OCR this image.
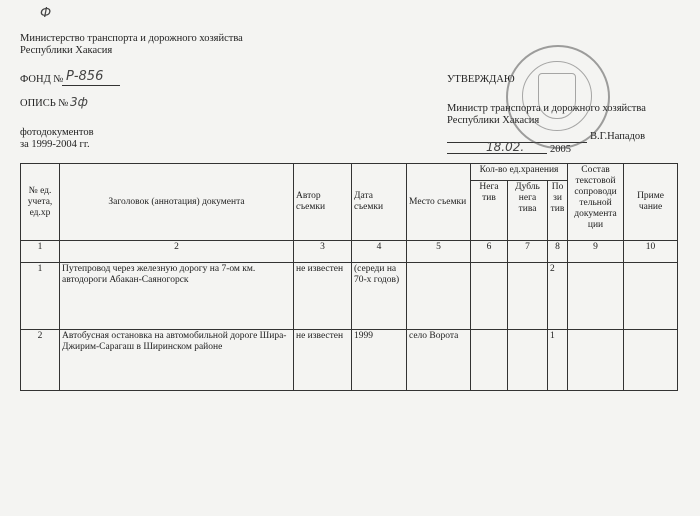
Ф
Министерство транспорта и дорожного хозяйства
Республики Хакасия
ФОНД № Р-856
ОПИСЬ № 3ф
фотодокументов
за 1999-2004 гг.
УТВЕРЖДАЮ
Министр транспорта и дорожного хозяйства
Республики Хакасия
В.Г.Нападов
18.02. 2005
№ ед. учета, ед.хр	Заголовок (аннотация) документа	Автор съемки	Дата съемки	Место съемки	Кол-во ед.хранения			Состав текстовой сопроводи тельной документа ции	Приме чание
					Нега тив	Дубль нега тива	По зи тив		
1	2	3	4	5	6	7	8	9	10
1	Путепровод через железную дорогу на 7-ом км. автодороги Абакан-Саяногорск	не известен	(середи на 70-х годов)				2		
2	Автобусная остановка на автомобильной дороге Шира-Джирим-Сарагаш в Ширинском районе	не известен	1999	село Ворота			1		
